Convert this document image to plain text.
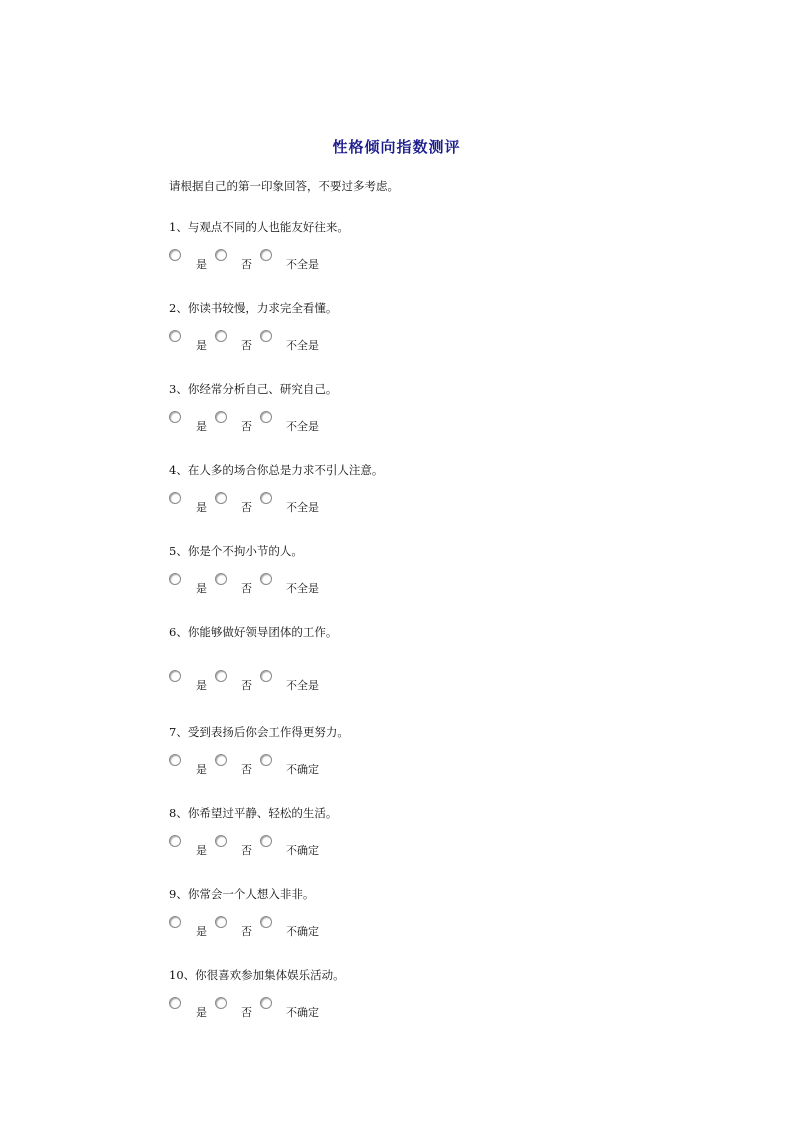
性格倾向指数测评

请根据自己的第一印象回答，不要过多考虑。

1、与观点不同的人也能友好往来。

是	否	不全是

2、你读书较慢，力求完全看懂。

是	否	不全是

3、你经常分析自己、研究自己。

是	否	不全是

4、在人多的场合你总是力求不引人注意。

是	否	不全是

5、你是个不拘小节的人。

是	否	不全是

6、你能够做好领导团体的工作。

是	否	不全是

7、受到表扬后你会工作得更努力。

是	否	不确定

8、你希望过平静、轻松的生活。

是	否	不确定

9、你常会一个人想入非非。

是	否	不确定

10、你很喜欢参加集体娱乐活动。

是	否	不确定
